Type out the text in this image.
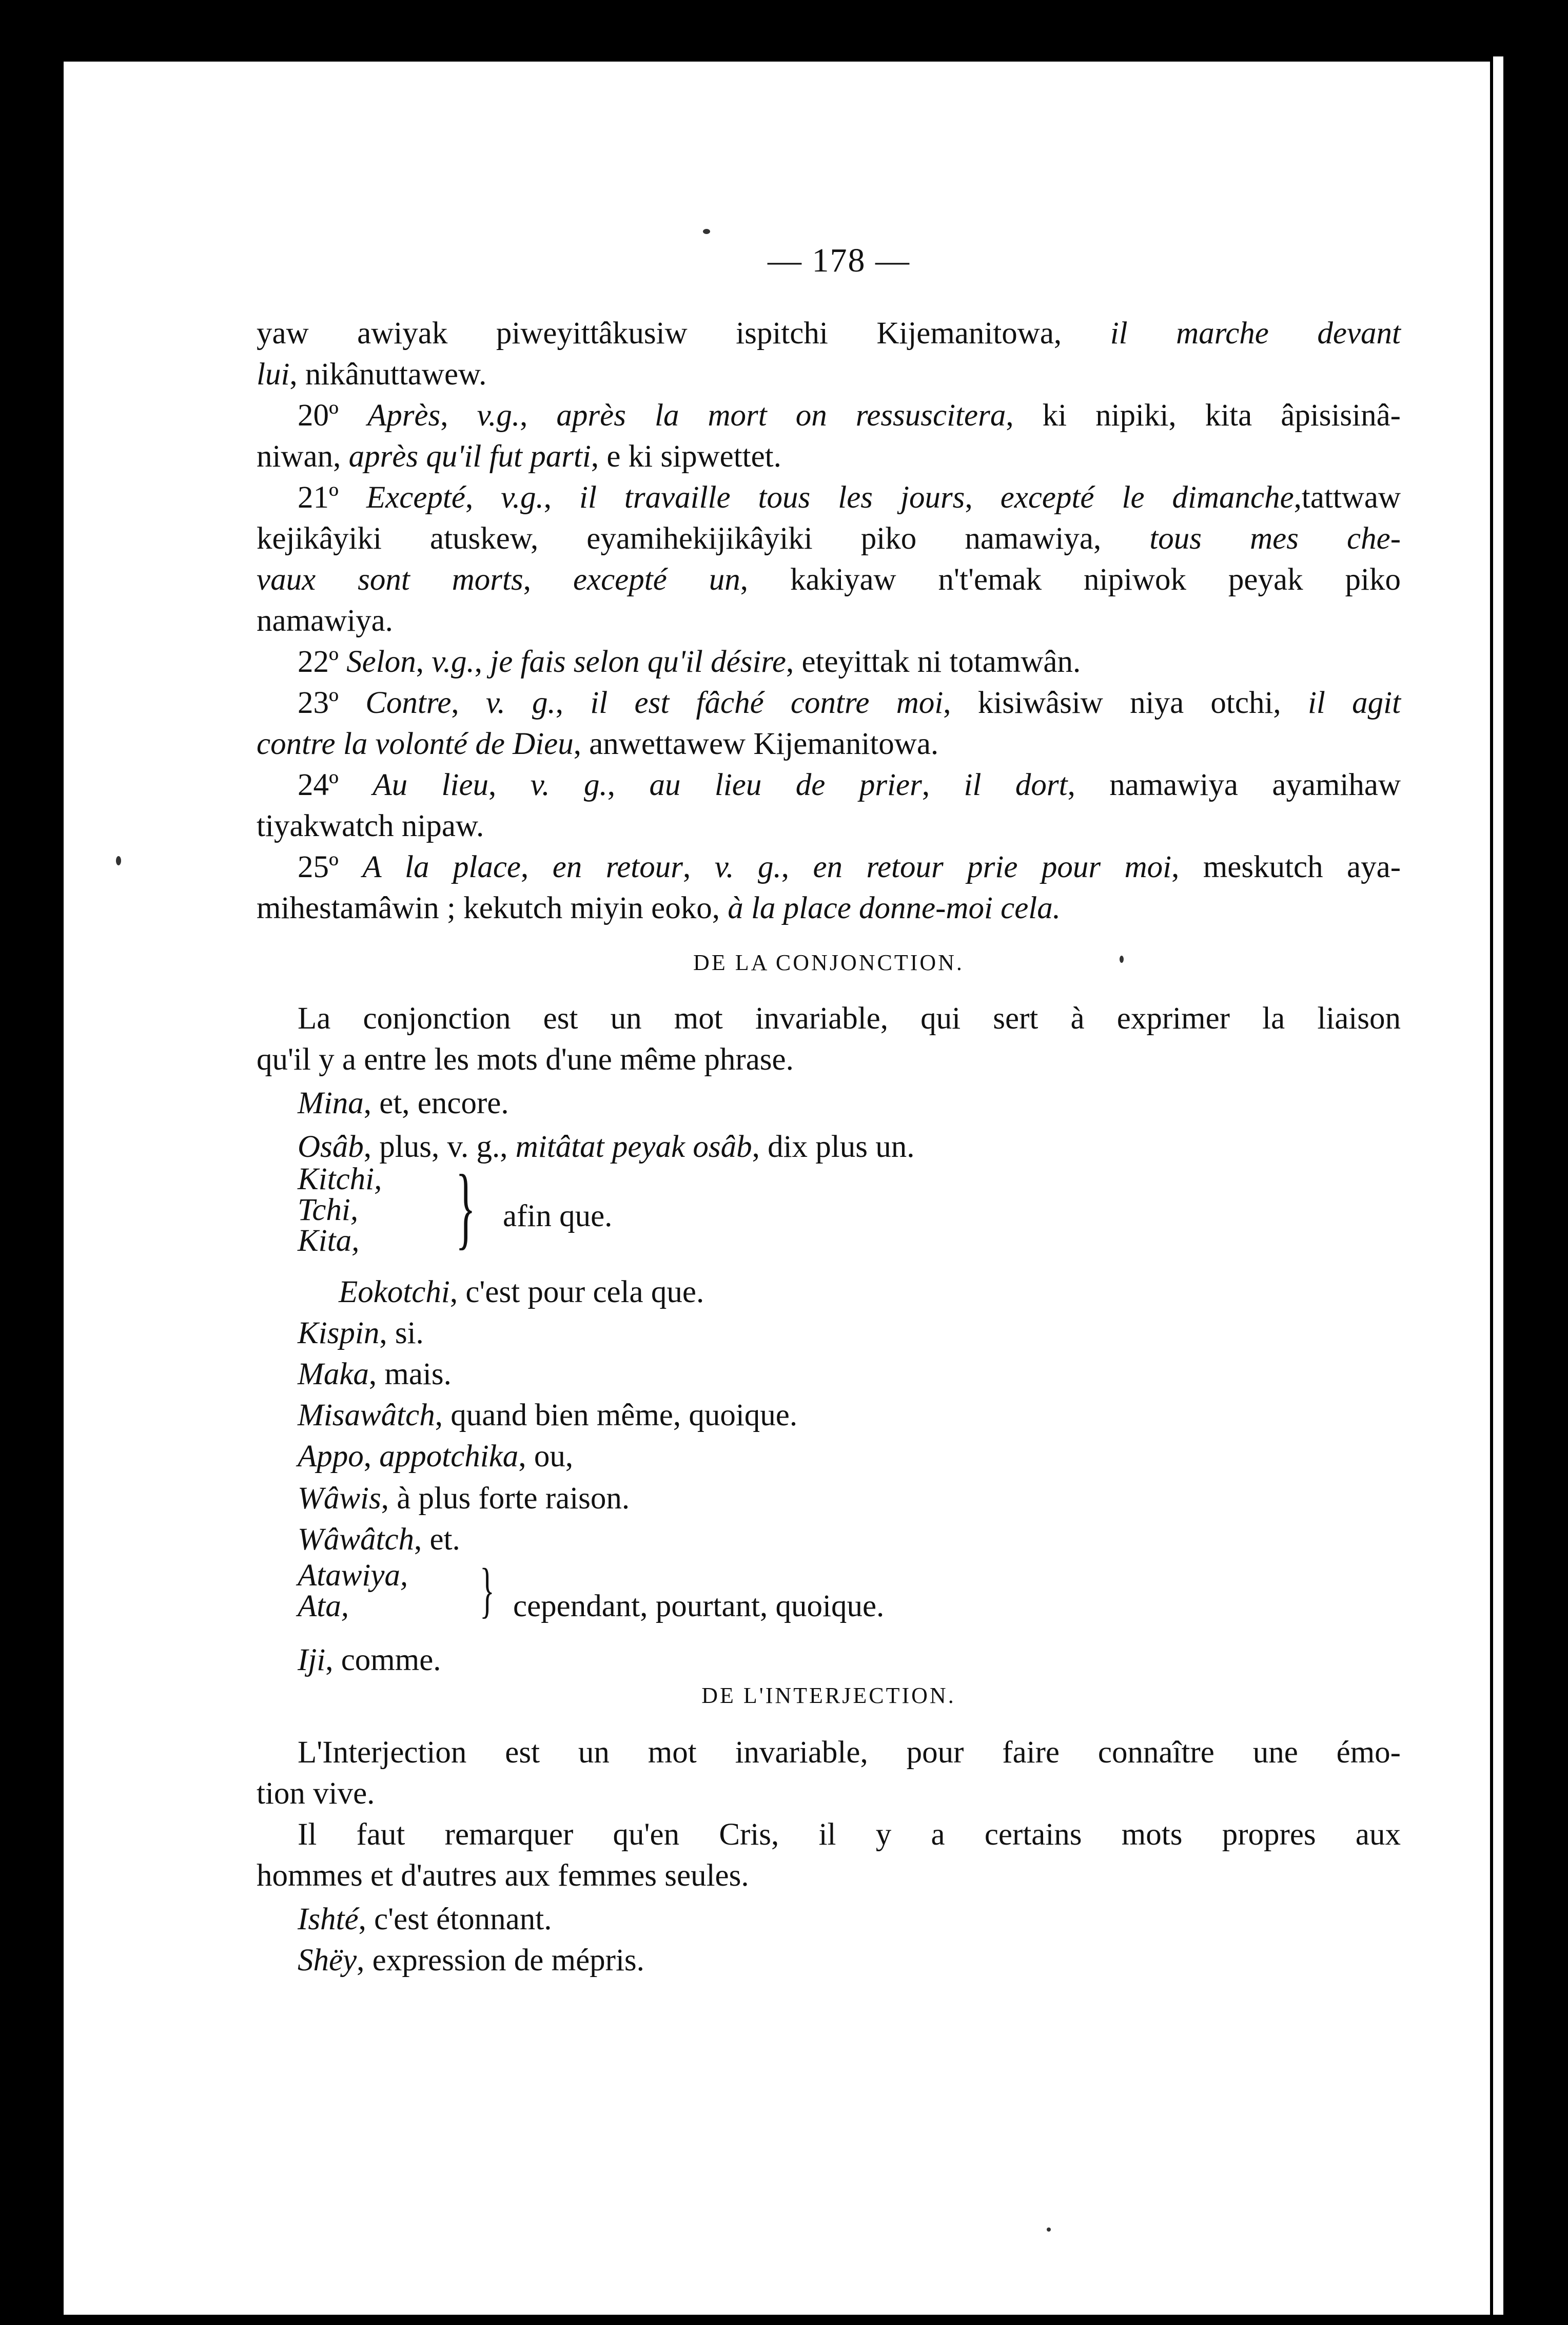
— 178 —
yaw awiyak piweyittâkusiw ispitchi Kijemanitowa, il marche devant
lui, nikânuttawew.
20º Après, v.g., après la mort on ressuscitera, ki nipiki, kita âpisisinâ-
niwan, après qu'il fut parti, e ki sipwettet.
21º Excepté, v.g., il travaille tous les jours, excepté le dimanche,tattwaw
kejikâyiki atuskew, eyamihekijikâyiki piko namawiya, tous mes che-
vaux sont morts, excepté un, kakiyaw n't'emak nipiwok peyak piko
namawiya.
22º Selon, v.g., je fais selon qu'il désire, eteyittak ni totamwân.
23º Contre, v. g., il est fâché contre moi, kisiwâsiw niya otchi, il agit
contre la volonté de Dieu, anwettawew Kijemanitowa.
24º Au lieu, v. g., au lieu de prier, il dort, namawiya ayamihaw
tiyakwatch nipaw.
25º A la place, en retour, v. g., en retour prie pour moi, meskutch aya-
mihestamâwin ; kekutch miyin eoko, à la place donne-moi cela.
DE LA CONJONCTION.
La conjonction est un mot invariable, qui sert à exprimer la liaison
qu'il y a entre les mots d'une même phrase.
Mina, et, encore.
Osâb, plus, v. g., mitâtat peyak osâb, dix plus un.
Kitchi,
Tchi,
Kita,	} afin que.
Eokotchi, c'est pour cela que.
Kispin, si.
Maka, mais.
Misawâtch, quand bien même, quoique.
Appo, appotchika, ou,
Wâwis, à plus forte raison.
Wâwâtch, et.
Atawiya,
Ata,	} cependant, pourtant, quoique.
Iji, comme.
DE L'INTERJECTION.
L'Interjection est un mot invariable, pour faire connaître une émo-
tion vive.
Il faut remarquer qu'en Cris, il y a certains mots propres aux
hommes et d'autres aux femmes seules.
Ishté, c'est étonnant.
Shëy, expression de mépris.
